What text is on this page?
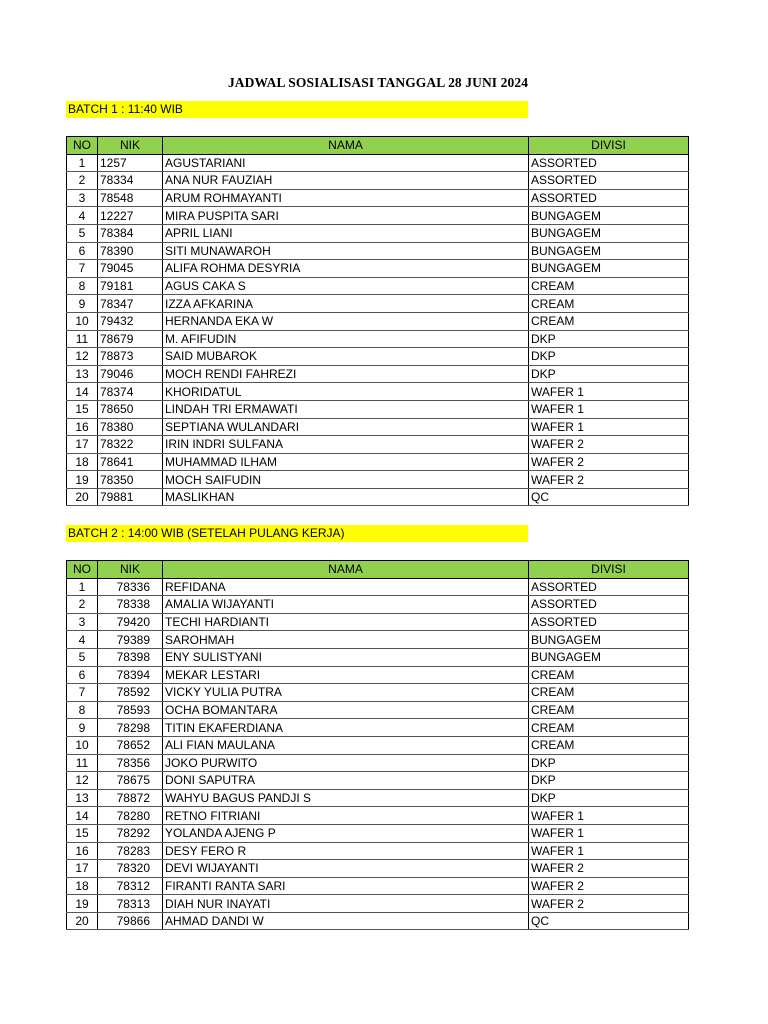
JADWAL SOSIALISASI TANGGAL 28 JUNI 2024
BATCH 1 : 11:40 WIB
NO	NIK	NAMA	DIVISI
1	1257	AGUSTARIANI	ASSORTED
2	78334	ANA NUR FAUZIAH	ASSORTED
3	78548	ARUM ROHMAYANTI	ASSORTED
4	12227	MIRA PUSPITA SARI	BUNGAGEM
5	78384	APRIL LIANI	BUNGAGEM
6	78390	SITI MUNAWAROH	BUNGAGEM
7	79045	ALIFA ROHMA DESYRIA	BUNGAGEM
8	79181	AGUS CAKA S	CREAM
9	78347	IZZA AFKARINA	CREAM
10	79432	HERNANDA EKA W	CREAM
11	78679	M. AFIFUDIN	DKP
12	78873	SAID MUBAROK	DKP
13	79046	MOCH RENDI FAHREZI	DKP
14	78374	KHORIDATUL	WAFER 1
15	78650	LINDAH TRI ERMAWATI	WAFER 1
16	78380	SEPTIANA WULANDARI	WAFER 1
17	78322	IRIN INDRI SULFANA	WAFER 2
18	78641	MUHAMMAD ILHAM	WAFER 2
19	78350	MOCH SAIFUDIN	WAFER 2
20	79881	MASLIKHAN	QC
BATCH 2 : 14:00 WIB (SETELAH PULANG KERJA)
NO	NIK	NAMA	DIVISI
1	78336	REFIDANA	ASSORTED
2	78338	AMALIA WIJAYANTI	ASSORTED
3	79420	TECHI HARDIANTI	ASSORTED
4	79389	SAROHMAH	BUNGAGEM
5	78398	ENY SULISTYANI	BUNGAGEM
6	78394	MEKAR LESTARI	CREAM
7	78592	VICKY YULIA PUTRA	CREAM
8	78593	OCHA BOMANTARA	CREAM
9	78298	TITIN EKAFERDIANA	CREAM
10	78652	ALI FIAN MAULANA	CREAM
11	78356	JOKO PURWITO	DKP
12	78675	DONI SAPUTRA	DKP
13	78872	WAHYU BAGUS PANDJI S	DKP
14	78280	RETNO FITRIANI	WAFER 1
15	78292	YOLANDA AJENG P	WAFER 1
16	78283	DESY FERO R	WAFER 1
17	78320	DEVI WIJAYANTI	WAFER 2
18	78312	FIRANTI RANTA SARI	WAFER 2
19	78313	DIAH NUR INAYATI	WAFER 2
20	79866	AHMAD DANDI W	QC
